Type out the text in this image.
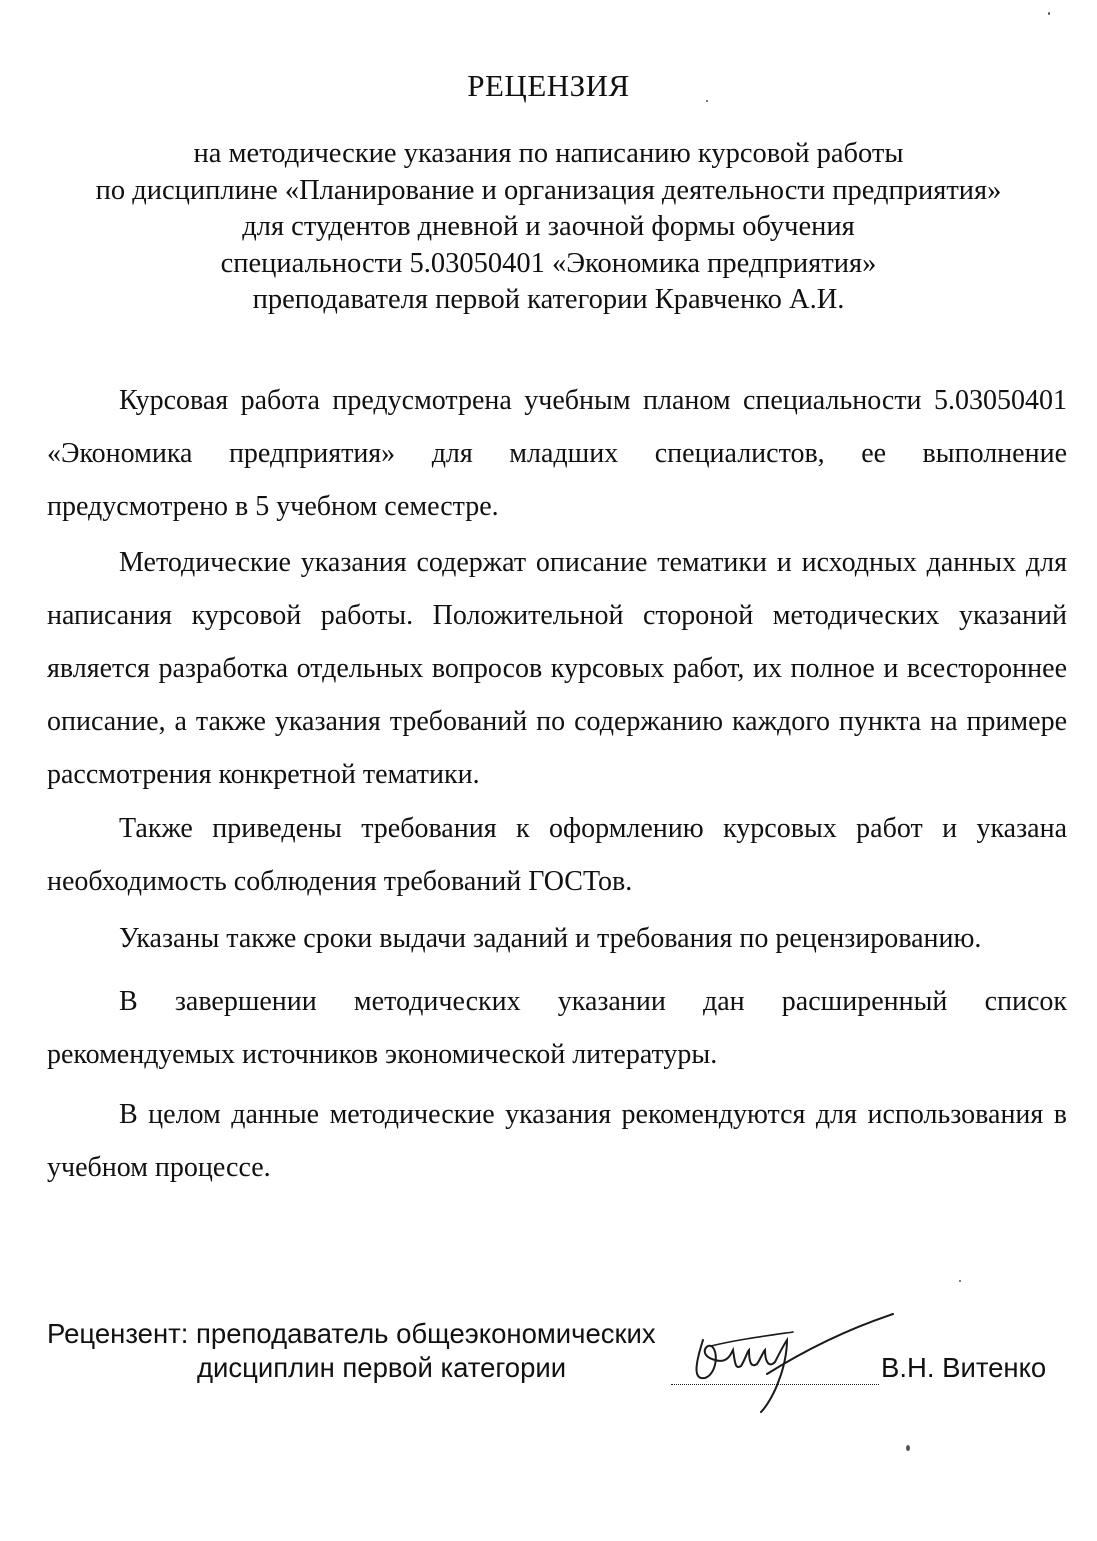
РЕЦЕНЗИЯ
на методические указания по написанию курсовой работы
по дисциплине «Планирование и организация деятельности предприятия»
для студентов дневной и заочной формы обучения
специальности 5.03050401 «Экономика предприятия»
преподавателя первой категории Кравченко А.И.

Курсовая работа предусмотрена учебным планом специальности 5.03050401 «Экономика предприятия» для младших специалистов, ее выполнение предусмотрено в 5 учебном семестре.

Методические указания содержат описание тематики и исходных данных для написания курсовой работы. Положительной стороной методических указаний является разработка отдельных вопросов курсовых работ, их полное и всестороннее описание, а также указания требований по содержанию каждого пункта на примере рассмотрения конкретной тематики.

Также приведены требования к оформлению курсовых работ и указана необходимость соблюдения требований ГОСТов.

Указаны также сроки выдачи заданий и требования по рецензированию.

В завершении методических указании дан расширенный список рекомендуемых источников экономической литературы.

В целом данные методические указания рекомендуются для использования в учебном процессе.

Рецензент: преподаватель общеэкономических
дисциплин первой категории	В.Н. Витенко
